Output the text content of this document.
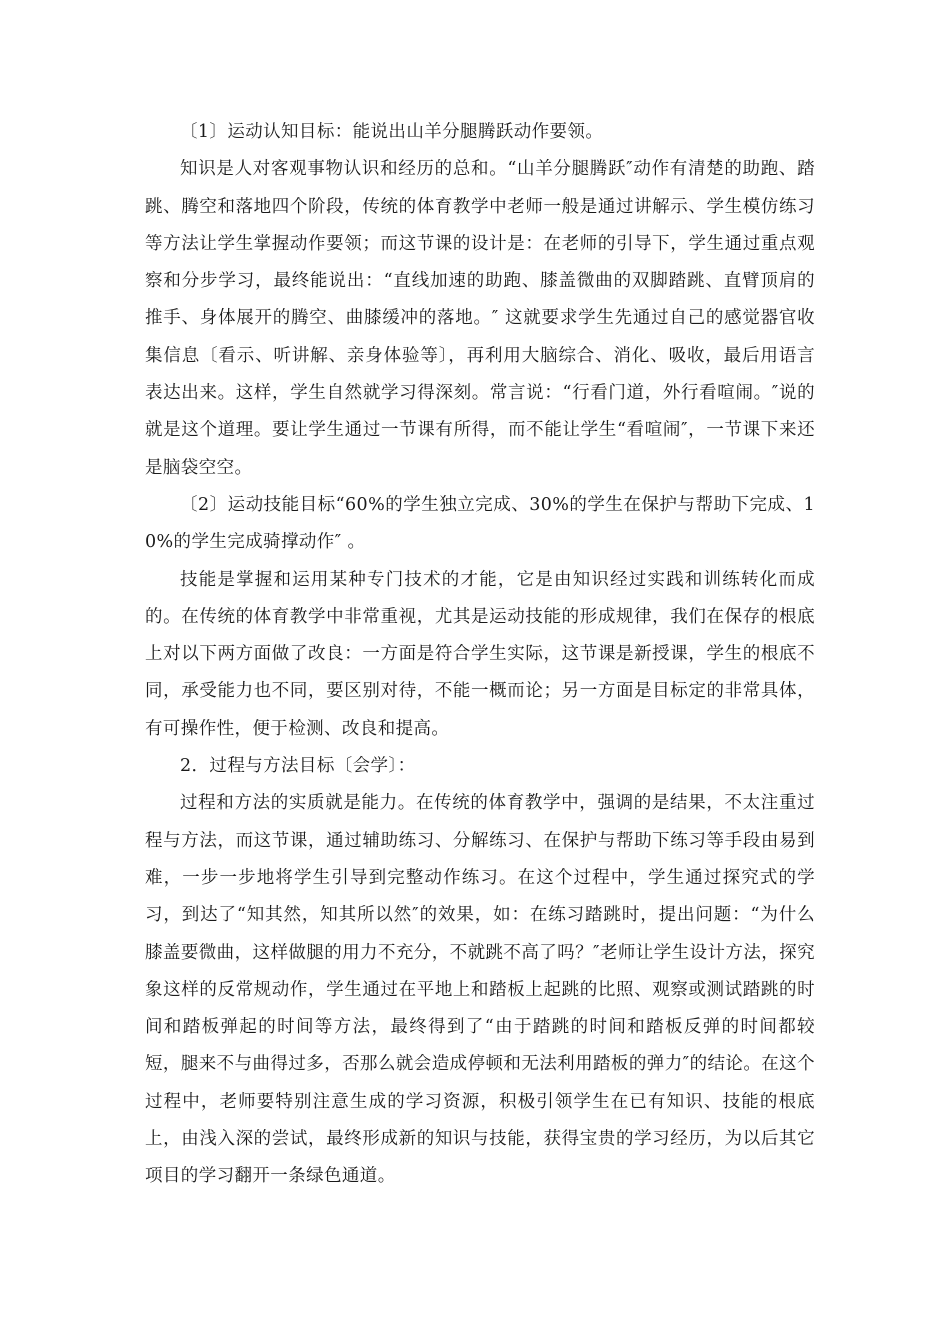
〔1〕运动认知目标：能说出山羊分腿腾跃动作要领。

知识是人对客观事物认识和经历的总和。“山羊分腿腾跃″动作有清楚的助跑、踏跳、腾空和落地四个阶段，传统的体育教学中老师一般是通过讲解示、学生模仿练习等方法让学生掌握动作要领；而这节课的设计是：在老师的引导下，学生通过重点观察和分步学习，最终能说出：“直线加速的助跑、膝盖微曲的双脚踏跳、直臂顶肩的推手、身体展开的腾空、曲膝缓冲的落地。″ 这就要求学生先通过自己的感觉器官收集信息〔看示、听讲解、亲身体验等〕，再利用大脑综合、消化、吸收，最后用语言表达出来。这样，学生自然就学习得深刻。常言说：“行看门道，外行看喧闹。″说的就是这个道理。要让学生通过一节课有所得，而不能让学生“看喧闹″，一节课下来还是脑袋空空。

〔2〕运动技能目标“60%的学生独立完成、30%的学生在保护与帮助下完成、10%的学生完成骑撑动作″ 。

技能是掌握和运用某种专门技术的才能，它是由知识经过实践和训练转化而成的。在传统的体育教学中非常重视，尤其是运动技能的形成规律，我们在保存的根底上对以下两方面做了改良：一方面是符合学生实际，这节课是新授课，学生的根底不同，承受能力也不同，要区别对待，不能一概而论；另一方面是目标定的非常具体，有可操作性，便于检测、改良和提高。

2．过程与方法目标〔会学〕：

过程和方法的实质就是能力。在传统的体育教学中，强调的是结果，不太注重过程与方法，而这节课，通过辅助练习、分解练习、在保护与帮助下练习等手段由易到难，一步一步地将学生引导到完整动作练习。在这个过程中，学生通过探究式的学习，到达了“知其然，知其所以然″的效果，如：在练习踏跳时，提出问题：“为什么膝盖要微曲，这样做腿的用力不充分，不就跳不高了吗？″老师让学生设计方法，探究象这样的反常规动作，学生通过在平地上和踏板上起跳的比照、观察或测试踏跳的时间和踏板弹起的时间等方法，最终得到了“由于踏跳的时间和踏板反弹的时间都较短，腿来不与曲得过多，否那么就会造成停顿和无法利用踏板的弹力″的结论。在这个过程中，老师要特别注意生成的学习资源，积极引领学生在已有知识、技能的根底上，由浅入深的尝试，最终形成新的知识与技能，获得宝贵的学习经历，为以后其它项目的学习翻开一条绿色通道。
